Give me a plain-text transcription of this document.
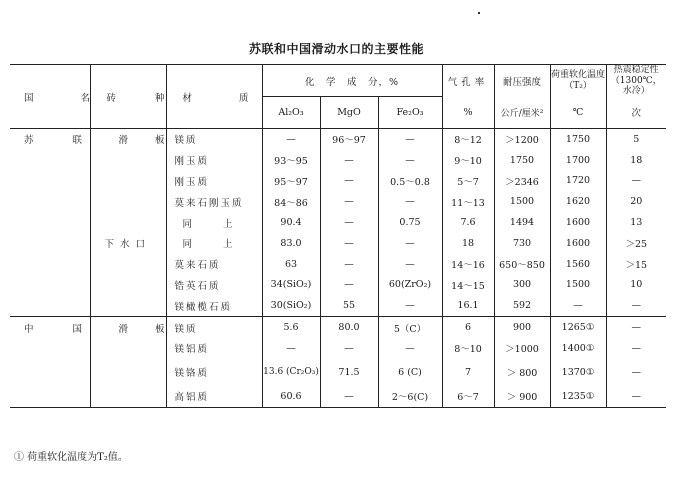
苏联和中国滑动水口的主要性能
国 名	砖 种	材 质	化　学　成　分，%			气孔率	耐压强度	荷重软化温度（T₂）	热震稳定性（1300℃，水冷）
			Al₂O₃	MgO	Fe₂O₃	%	公斤/厘米²	℃	次
苏 联	滑 板	镁质	—	96～97	—	8～12	＞1200	1750	5
		刚玉质	93～95	—	—	9～10	1750	1700	18
		刚玉质	95～97	—	0.5～0.8	5～7	＞2346	1720	—
		莫来石刚玉质	84～86	—	—	11～13	1500	1620	20
		同 上	90.4	—	0.75	7.6	1494	1600	13
	下水口	同 上	83.0	—	—	18	730	1600	＞25
		莫来石质	63	—	—	14～16	650～850	1560	＞15
		锆英石质	34(SiO₂)	—	60(ZrO₂)	14～15	300	1500	10
		镁橄榄石质	30(SiO₂)	55	—	16.1	592	—	—
中 国	滑 板	镁质	5.6	80.0	5（C）	6	900	1265①	—
		镁铝质	—	—	—	8～10	＞1000	1400①	—
		镁铬质	13.6 (Cr₂O₃)	71.5	6 (C)	7	＞ 800	1370①	—
		高铝质	60.6	—	2～6(C)	6～7	＞ 900	1235①	—
① 荷重软化温度为T₂值。
